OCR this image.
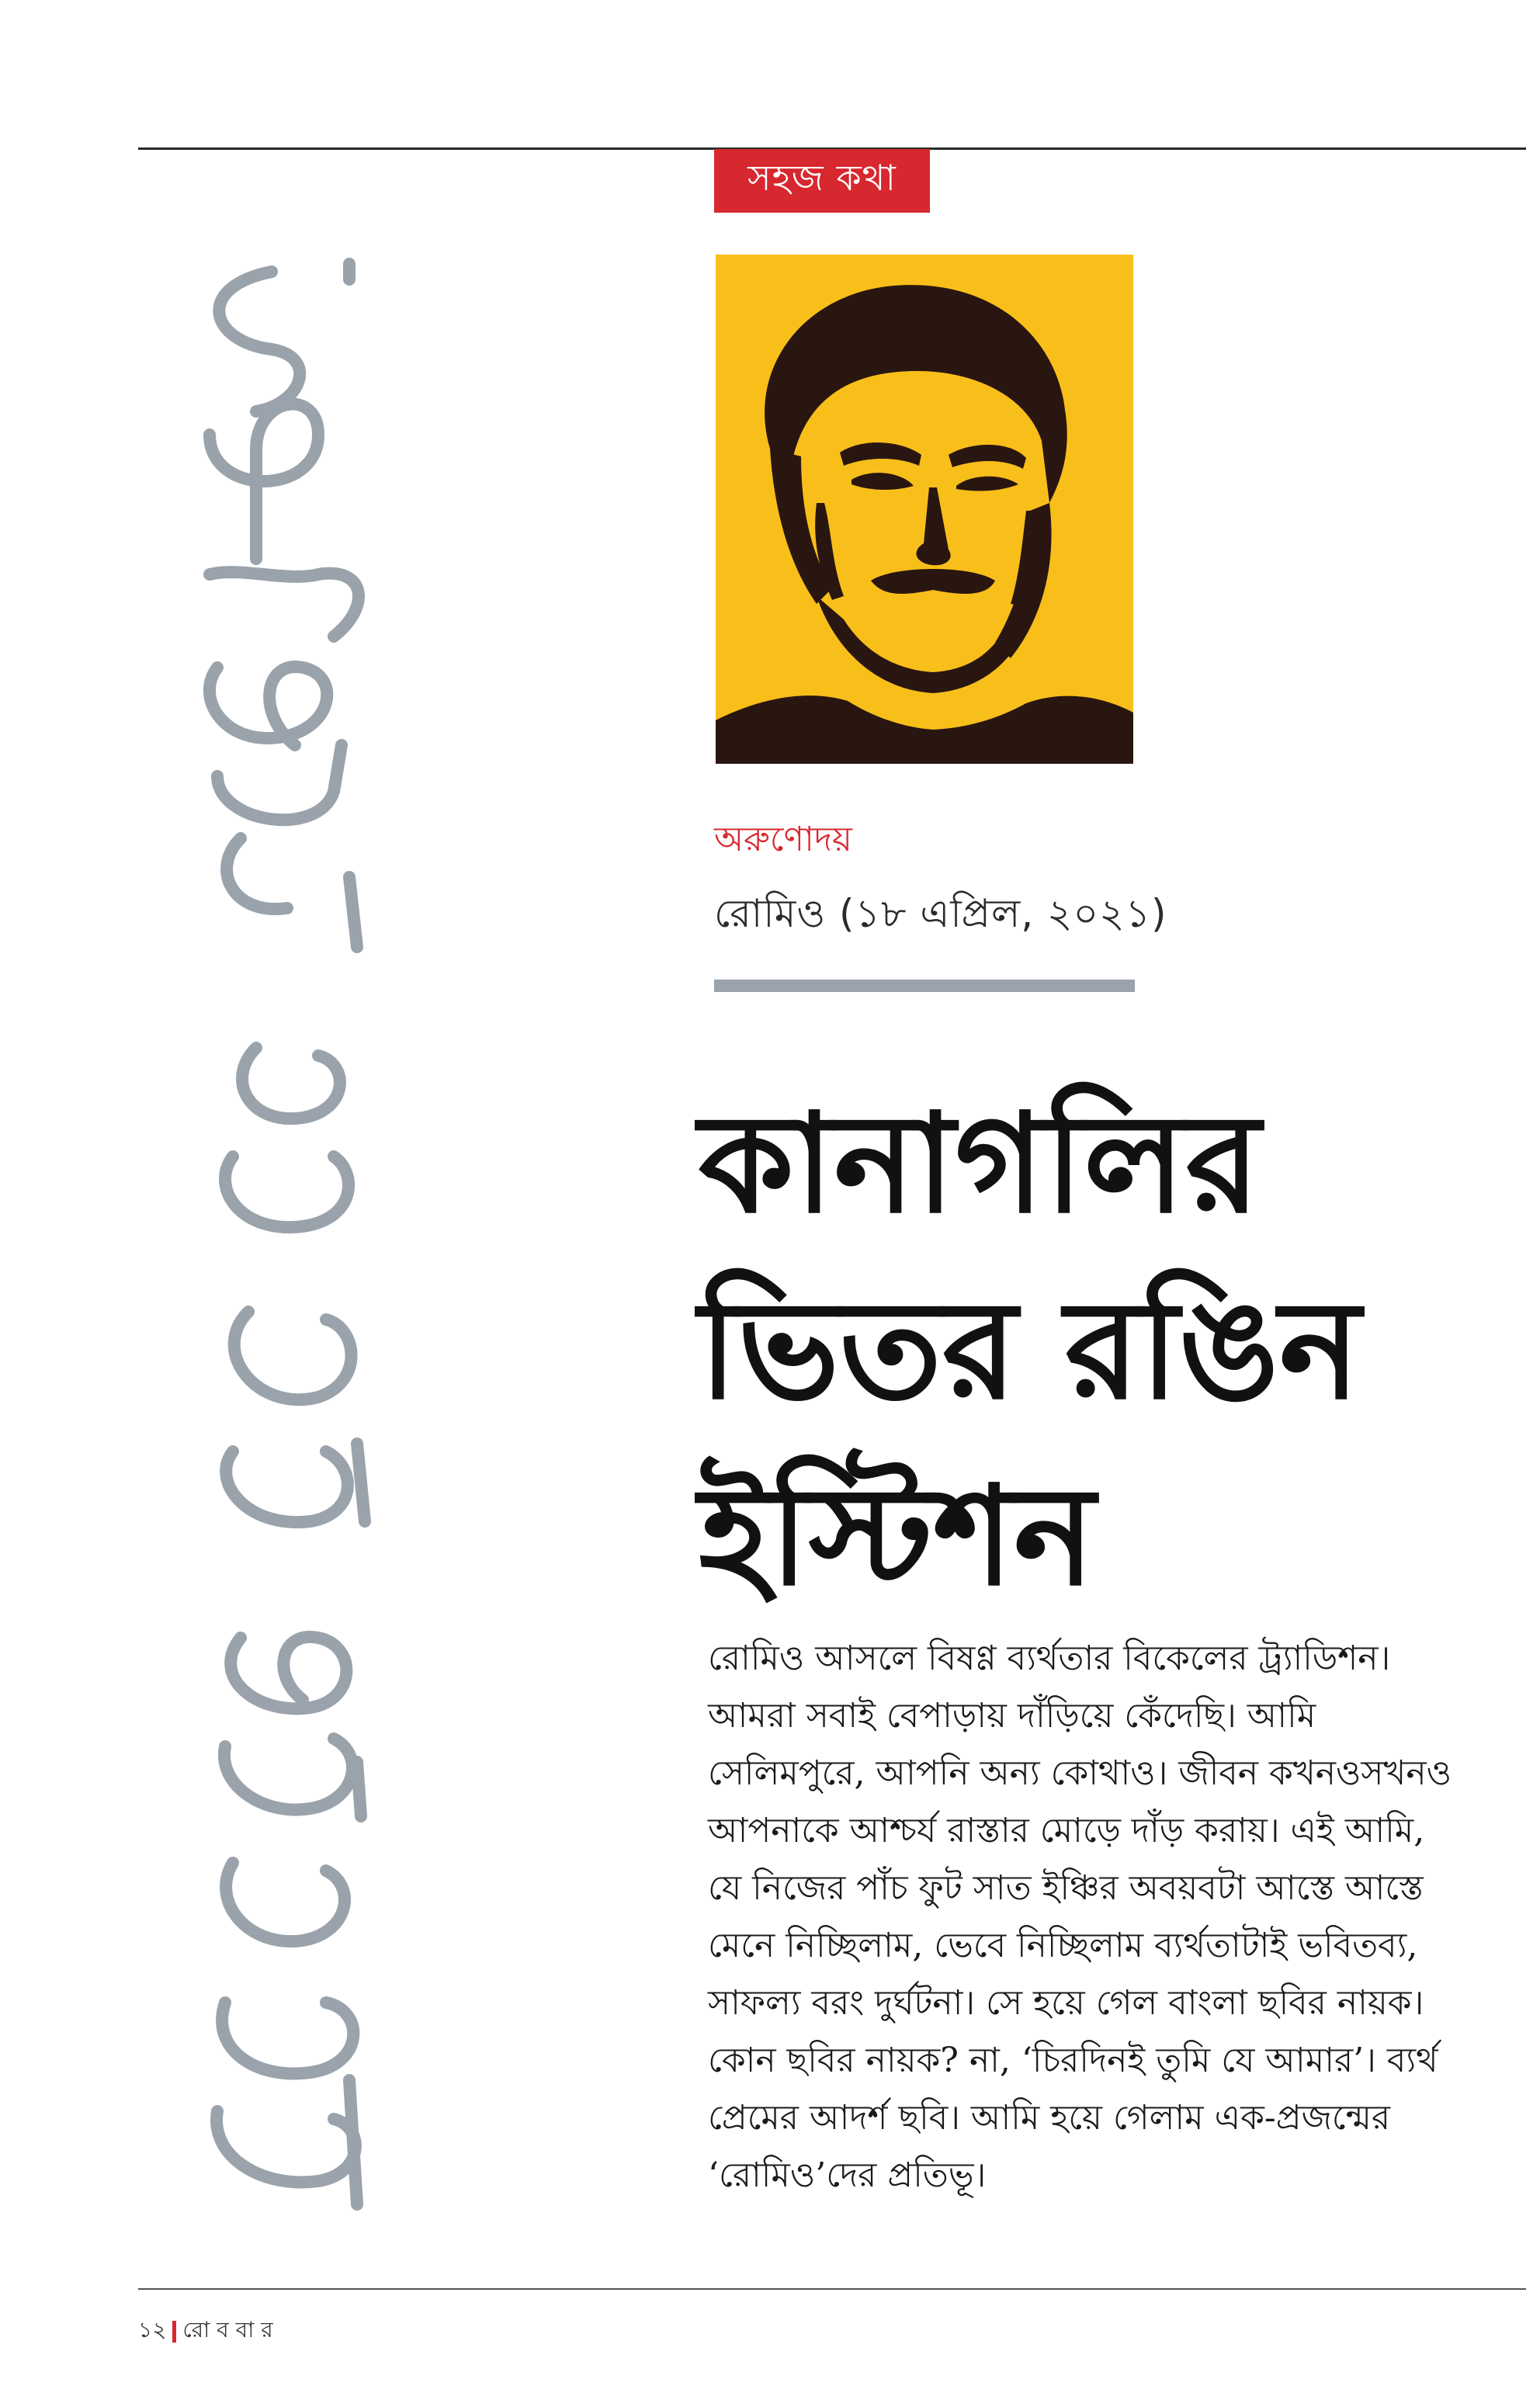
সহজ কথা
অরুণোদয়
রোমিও (১৮ এপ্রিল, ২০২১)
কানাগলির
ভিতর রঙিন
ইস্টিশন

রোমিও আসলে বিষণ্ণ ব্যর্থতার বিকেলের ট্র্যাডিশন। আমরা সবাই বেপাড়ায় দাঁড়িয়ে কেঁদেছি। আমি সেলিমপুরে, আপনি অন্য কোথাও। জীবন কখনওসখনও আপনাকে আশ্চর্য রাস্তার মোড়ে দাঁড় করায়। এই আমি, যে নিজের পাঁচ ফুট সাত ইঞ্চির অবয়বটা আস্তে আস্তে মেনে নিচ্ছিলাম, ভেবে নিচ্ছিলাম ব্যর্থতাটাই ভবিতব্য, সাফল্য বরং দুর্ঘটনা। সে হয়ে গেল বাংলা ছবির নায়ক। কোন ছবির নায়ক? না, ‘চিরদিনই তুমি যে আমার’। ব্যর্থ প্রেমের আদর্শ ছবি। আমি হয়ে গেলাম এক-প্রজন্মের ‘রোমিও’দের প্রতিভূ।

১২ রো ব বা র
